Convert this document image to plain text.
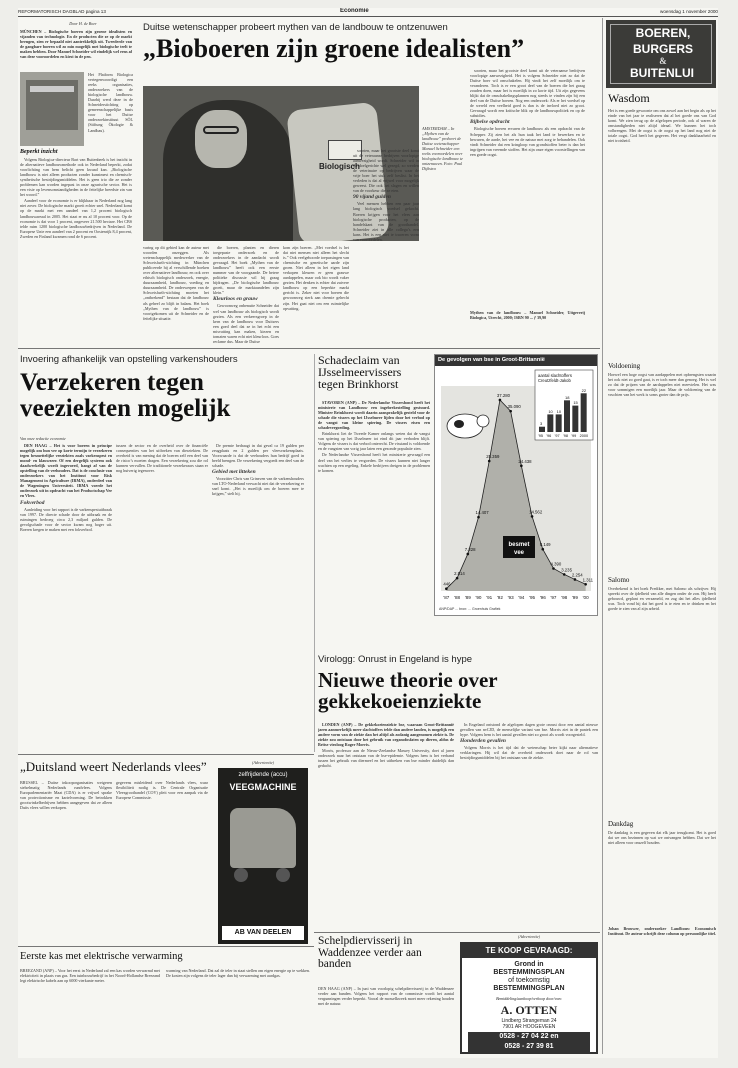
REFORMATORISCH DAGBLAD pagina 13	Economie	woensdag 1 november 2000
Door H. de Boer
MÜNCHEN – Biologische boeren zijn groene idealisten en vijanden van technologie. En de producten die ze op de markt brengen, zien er bepaald niet aantrekkelijk uit. Tweederde van de gangbare boeren wil zo min mogelijk met biologische teelt te maken hebben. Door Manuel Schneider wil eindelijk wel eens af van deze vooroordelen en kiest in de pen.
Het Platform Biologica vertegenwoordigt een reeks organisaties, onderzoekers van de biologische landbouw. Daarbij werd deze in de Schneiderstichting op gemeenschappelijke basis voor het Duitse onderzoekinstituut SÖL (Stiftung Ökologie & Landbau).
Beperkt inzicht

Volgens Biologica-directeur Bart van Buitenbeek is het inzicht in de alternatieve landbouwmethode ook in Nederland beperkt, zodat voorlichting van hem belicht geen kwaad kan. „Biologische landbouw is niet alleen producten zonder kunstmest en chemisch-synthetische bestrijdingsmiddelen. Het is geen trio die ze zonder problemen kan worden ingepast in onze agrarische sector. Het is een visie op levensomstandigheden in de feitelijke breedste zin van het woord.”

Aandeel voor de economie is er blijkbaar in Nederland nog lang niet zover. De biologische markt groeit echter snel. Nederland komt op de markt met een aandeel van 1,2 procent biologisch landbouwareaal in 2005. Het staat er nu al 10 procent voor. Op de economie is dat voor 1 procent, ongeveer 21.500 hectare. Het CBS telde ruim 1200 biologische landbouwbedrijven in Nederland. De Europese Unie een aandeel van 2 procent en Oostenrijk 8,4 procent, Zweden en Finland kwamen rond de 6 procent.

Duitse wetenschapper probeert mythen van de landbouw te ontzenuwen
„Bioboeren zijn groene idealisten”
Biologisch
AMSTERDAM – In „Mythen van de landbouw” probeert de Duitse wetenschapper Manuel Schneider een reeks vooroordelen over biologische landbouw te ontzenuwen. Foto: Paul Dijkstra
varing op dit gebied kan de auteur met woorden onzeggen. Als wetenschappelijk medewerker van de Schweisfurth-stichting in München publiceerde hij al verschillende boeken over alternatieve landbouw, en ook over ethisch biologisch onderzoek, energie, duurzaamheid, landbouw, voeding en duurzaamheid. De onderwerpen van de Schweisfurth-stichting moeten het „ontbrekend” bestaan dat de landbouw als geheel zo blijft in balans. Het boek „Mythen van de landbouw” is voortgekomen uit de Schneider en de feitelijke situatie.

die boeren, planten en dieren toegepaste onderzoek en de onderzoekers in de aandacht wordt gevraagd. Het boek „Mythen van de landbouw” heeft ook een eerste nummer van de voorgaande. De betere politieke discussie wil hij graag bijdragen. „De biologische landbouw groeit, maar de marktaandelen zijn klein.”

Kleurloos en grauw

Gewoonweg onbenutte Schneider dat wel van landbouw als biologisch wordt gezien. Als een verkeersgroep in de kern van de landbouw voor Duitsers een goed deel dat ze in het echt een misvatting kan maken, kiezen en tomaten waren echt niet kleurloos. Goes reclame dus. Maar de Duitse

kom zijn boeren. „Met voedsel is het dat niet mensen niet alleen het slecht is.” Ook veelgehoorde toepassingen van chemische en genetische aarde zijn groen. Niet alleen in het eigen land verkopen kleuren er geen grauwe aardappelen, maar ook bio wordt vaker gezien. Het denken is echter dat zuivere landbouw op een beperkte markt gericht is. Zeker niet voor boeren die gewoonweg sterk aan chemie gehecht zijn. Het gaat niet om een ruimtelijke opvatting.

soorten, maar het grootste deel komt uit de veteraanse bedrijven voorlopige aanwezigheid wordt. Schneider wil in dit doelgerichte wel gezegd, zo werden de veterinaire op bedrijven waar de vrije boer het stuk zelf beslist. In het verleden is dat al vrijwel voor mogelijk geweest. Die ook het slagen en willen van de voorkeur die ze eten.

90 vijand gulden

Veel mensen hebben een paar jaar lang biologisch voedsel gekocht. Boeren krijgen voor het vlees aan biologische producten, op de handelskant van de groothandel. Schneider ziet in alle collega’s een kans. Het is een niet te traceren vorm van vooroordelen.

soorten, maar het grootste deel komt uit de veteraanse bedrijven voorlopige aanwezigheid. Het is volgens Schneider niet zo dat de Duitse boer wil omschakelen. Hij vindt het zelf moeilijk om te veranderen. Toch is er een groot deel van de boeren die het graag zouden doen, maar het is moeilijk in zo korte tijd. Uit zijn gegevens blijkt dat de omschakelingsplannen nog steeds te vinden zijn bij een deel van de Duitse boeren. Nog een onderzoek: Als er het voedsel op de wereld een veelheid goed is dan is de invloed niet zo groot. Gevraagd wordt een kritische blik op de landbouwpolitiek en op de subsidies.

Bijbelse opdracht

Biologische boeren ervaren de landbouw als een opdracht van de Schepper. Zij zien het als hun taak het land te bewerken en te bewaren, de aarde, het vee en de natuur met zorg te behandelen. Ook vindt Schneider dat een kringloop van grondstoffen beter is dan het ingrijpen van vreemde stoffen. Het zijn onze eigen voorstellingen van een goede oogst.

Mythen van de landbouw – Manuel Schneider, Uitgeverij Biologica, Utrecht, 2000; ISBN 90 ... ƒ 39,90
BOEREN,
BURGERS
&
BUITENLUI
Wasdom
Het is een goede gewoonte om ons zowel aan het begin als op het einde van het jaar te realiseren dat al het goede ons van God komt. We zien terug op de afgelopen periode, ook al waren de omstandigheden niet altijd ideaal. We kunnen het toch volbrengen. Met de oogst is de oogst op het land nog niet de totale oogst. God heeft het gegeven. Het vergt dankbaarheid en niet trotsheid.
Voldoening
Hoewel een hoge oogst van aardappelen met opbrengsten waarin het ook niet zo goed gaat, is er toch meer dan genoeg. Het is wel zo dat de prijzen van de aardappelen niet meevielen. Het was voor sommigen een moeilijk jaar. Maar de voldoening van de vruchten van het werk is soms groter dan de prijs.
Salomo
Overbekend is het boek Prediker, met Salomo als schrijver. Hij spreekt over de ijdelheid van alle dingen onder de zon. Hij heeft gebouwd, geplant en verzameld, en zag dat het alles ijdelheid was. Toch vond hij dat het goed is te eten en te drinken en het goede te zien van al zijn arbeid.
Dankdag
De dankdag is een gegeven dat elk jaar terugkomt. Het is goed dat we ons bezinnen op wat we ontvangen hebben. Dat we het niet alleen voor onszelf houden.
Johan Brouwer, onderzoeker Landbouw Economisch Instituut. De auteur schrijft deze column op persoonlijke titel.
Invoering afhankelijk van opstelling varkenshouders
Verzekeren tegen veeziekten mogelijk
Van onze redactie economie

DEN HAAG – Het is voor boeren in principe mogelijk om hun vee op korte termijn te verzekeren tegen besmettelijke veeziekten zoals varkenspest en mond- en klauwzeer. Of een dergelijk systeem ook daadwerkelijk wordt ingevoerd, hangt af van de opstelling van de veehouders. Dat is de conclusie van onderzoekers van het Instituut voor Risk Management in Agriculture (IRMA), onderdeel van de Wageningen Universiteit. IRMA voerde het onderzoek uit in opdracht van het Productschap Vee en Vlees.

Fokverbod

Aanleiding voor het rapport is de varkenspestuitbraak van 1997. De directe schade door de uitbraak en de ruimingen bedroeg circa 2,3 miljard gulden. De gevolgschade voor de sector kwam nog hoger uit. Boeren kregen te maken met een fokverbod.

tussen de sector en de overheid over de financiële consequenties van het uitbreken van dierziekten. De overheid is van mening dat de boeren zelf een deel van de risico’s moeten dragen. Een verzekering zou die rol kunnen vervullen. De traditionele verzekeraars staan er nog huiverig tegenover.

De premie bedraagt in dat geval ca 19 gulden per zeugplaats en 2 gulden per vleesvarkensplaats. Voorwaarde is dat de veehouders hun bedrijf goed in beeld brengen. De verzekering vergoedt een deel van de schade.

Gebied met litteken

Voorzitter Chris van Grinsven van de varkenshouders van LTO-Nederland verwacht niet dat de verzekering er snel komt. „Het is moeilijk om de boeren mee te krijgen,” stelt hij.

Schadeclaim van IJsselmeervissers tegen Brinkhorst

STAVOREN (ANP) – De Nederlandse Vissersbond heeft het ministerie van Landbouw een ingebrekestelling gestuurd. Minister Brinkhorst wordt daarin aansprakelijk gesteld voor de schade die vissers op het IJsselmeer lijden door het verbod op de vangst van kleine spiering. De vissers eisen een schadevergoeding.

Brinkhorst liet de Tweede Kamer onlangs weten dat de vangst van spiering op het IJsselmeer tot eind dit jaar verboden blijft. Volgens de vissers is dat verbod onterecht. De visstand is voldoende en de vangsten van vorig jaar laten een gezonde populatie zien.

De Nederlandse Vissersbond heeft het ministerie gevraagd een deel van het verlies te vergoeden. De vissers kunnen niet langer wachten op een regeling. Enkele bedrijven dreigen in de problemen te komen.

De gevolgen van bse in Groot-Brittannië
446
2.514
7.228
14.407
25.359
37.280
35.090
24.438
14.562
8.149
4.390
3.235
2.254
1.311
'87 '88 '89 '90 '91 '92 '93 '94 '95 '96 '97 '98 '99 '00
besmet
vee
aantal slachtoffers
Creutzfeldt-Jakob
3
'95
10
'96
10
'97
18
'98
15
'99
22
2000
ANP/DAP ... bron: ... Groenhuis Grafiek
Virologg: Onrust in Engeland is hype
Nieuwe theorie over gekkekoeienziekte

LONDEN (ANP) – De gekkekoeienziekte bse, waaraan Groot-Brittannië jaren aanmerkelijk meer slachtoffers telde dan andere landen, is mogelijk een andere vorm van de ziekte dan het altijd als zodanig aangenomen ziekte is. De ziekte zou ontstaan door het gebruik van organofosfaten op dieren, aldus de Britse viroloog Roger Morris.

Morris, professor aan de Nieuw-Zeelandse Massey University, doet al jaren onderzoek naar het ontstaan van de bse-epidemie. Volgens hem is het verband tussen het gebruik van diermeel en het uitbreken van bse minder duidelijk dan gedacht.

In Engeland ontstond de afgelopen dagen grote onrust door een aantal nieuwe gevallen van nvCJD, de menselijke variant van bse. Morris ziet in de paniek een hype. Volgens hem is het aantal gevallen niet zo groot als wordt voorgesteld.

Honderden gevallen

Volgens Morris is het tijd dat de wetenschap beter kijkt naar alternatieve verklaringen. Hij wil dat de overheid onderzoek doet naar de rol van bestrijdingsmiddelen bij het ontstaan van de ziekte.

„Duitsland weert Nederlands vlees”
BRUSSEL – Duitse inkooporganisaties weigeren stelselmatig Nederlands rundvlees. Volgens Europarlementariër Maat (CDA) is er vrijwel sprake van protectionisme en kartelvorming. De betrokken grootwinkelbedrijven hebben aangegeven dat ze alleen Duits vlees willen verkopen.
gegevens misleidend over Nederlands vlees, waar ﬂexibiliteit nodig is. De Centrale Organisatie Vleesgroothandel (COV) pleit voor een aanpak via de Europese Commissie.
(Advertentie)
zelfrijdende (accu)
VEEGMACHINE
AB VAN DEELEN
Eerste kas met elektrische verwarming
BREEZAND (ANP) – Voor het eerst in Nederland zal een kas worden verwarmd met elektriciteit in plaats van gas. Een tuinbouwbedrijf in het Noord-Hollandse Breezand legt elektrische kabels aan op 6000 vierkante meter.
warming van Nederland. Dat zal de teler in staat stellen om eigen energie op te wekken. De kosten zijn volgens de teler lager dan bij verwarming met aardgas.
Schelpdiervisserij in Waddenzee verder aan banden
DEN HAAG (ANP) – In juni van voorlopig schelpdiervisserij in de Waddenzee verder aan banden. Volgens het rapport van de commissie wordt het aantal vergunningen verder beperkt. Vooral de mosselkweek moet meer rekening houden met de natuur.
(Advertentie)
TE KOOP GEVRAAGD:
Grond in
BESTEMMINGSPLAN
of toekomstig
BESTEMMINGSPLAN
Bemiddeling/aankoop/verkoop door/van:
A. OTTEN
Lindberg Strangeman 24
7901 AR HOOGEVEEN
0528 - 27 04 22 en
0528 - 27 39 81
